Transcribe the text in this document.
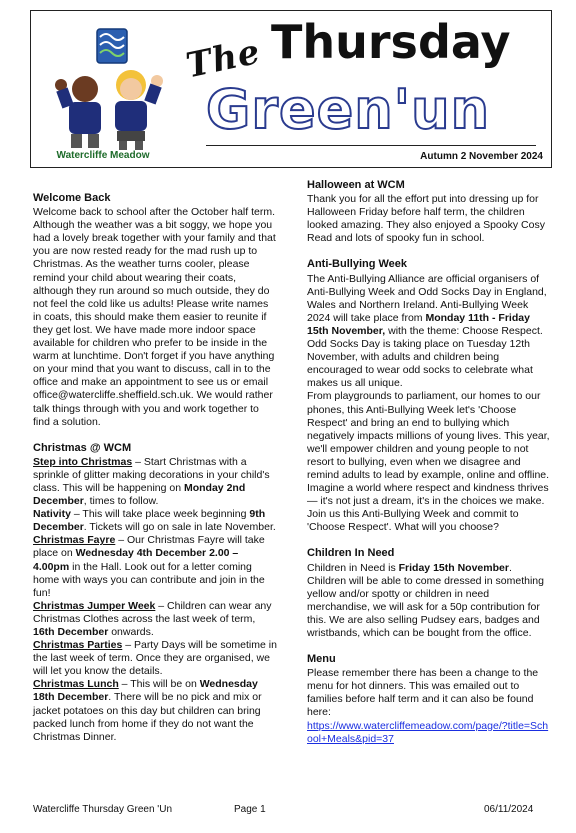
Watercliffe Meadow
The Thursday
Green'un
Autumn 2 November 2024
Welcome Back
Welcome back to school after the October half term. Although the weather was a bit soggy, we hope you had a lovely break together with your family and that you are now rested ready for the mad rush up to Christmas. As the weather turns cooler, please remind your child about wearing their coats, although they run around so much outside, they do not feel the cold like us adults! Please write names in coats, this should make them easier to reunite if they get lost. We have made more indoor space available for children who prefer to be inside in the warm at lunchtime. Don't forget if you have anything on your mind that you want to discuss, call in to the office and make an appointment to see us or email office@watercliffe.sheffield.sch.uk. We would rather talk things through with you and work together to find a solution.
Christmas @ WCM
Step into Christmas – Start Christmas with a sprinkle of glitter making decorations in your child's class. This will be happening on Monday 2nd December, times to follow.
Nativity – This will take place week beginning 9th December. Tickets will go on sale in late November.
Christmas Fayre – Our Christmas Fayre will take place on Wednesday 4th December 2.00 – 4.00pm in the Hall. Look out for a letter coming home with ways you can contribute and join in the fun!
Christmas Jumper Week – Children can wear any Christmas Clothes across the last week of term, 16th December onwards.
Christmas Parties – Party Days will be sometime in the last week of term. Once they are organised, we will let you know the details.
Christmas Lunch – This will be on Wednesday 18th December. There will be no pick and mix or jacket potatoes on this day but children can bring packed lunch from home if they do not want the Christmas Dinner.
Halloween at WCM
Thank you for all the effort put into dressing up for Halloween Friday before half term, the children looked amazing. They also enjoyed a Spooky Cosy Read and lots of spooky fun in school.
Anti-Bullying Week
The Anti-Bullying Alliance are official organisers of Anti-Bullying Week and Odd Socks Day in England, Wales and Northern Ireland. Anti-Bullying Week 2024 will take place from Monday 11th - Friday 15th November, with the theme: Choose Respect. Odd Socks Day is taking place on Tuesday 12th November, with adults and children being encouraged to wear odd socks to celebrate what makes us all unique.
From playgrounds to parliament, our homes to our phones, this Anti-Bullying Week let's 'Choose Respect' and bring an end to bullying which negatively impacts millions of young lives. This year, we'll empower children and young people to not resort to bullying, even when we disagree and remind adults to lead by example, online and offline.
Imagine a world where respect and kindness thrives — it's not just a dream, it's in the choices we make. Join us this Anti-Bullying Week and commit to 'Choose Respect'. What will you choose?
Children In Need
Children in Need is Friday 15th November. Children will be able to come dressed in something yellow and/or spotty or children in need merchandise, we will ask for a 50p contribution for this. We are also selling Pudsey ears, badges and wristbands, which can be bought from the office.
Menu
Please remember there has been a change to the menu for hot dinners. This was emailed out to families before half term and it can also be found here:
https://www.watercliffemeadow.com/page/?title=School+Meals&pid=37
Watercliffe Thursday Green 'Un	Page 1	06/11/2024
